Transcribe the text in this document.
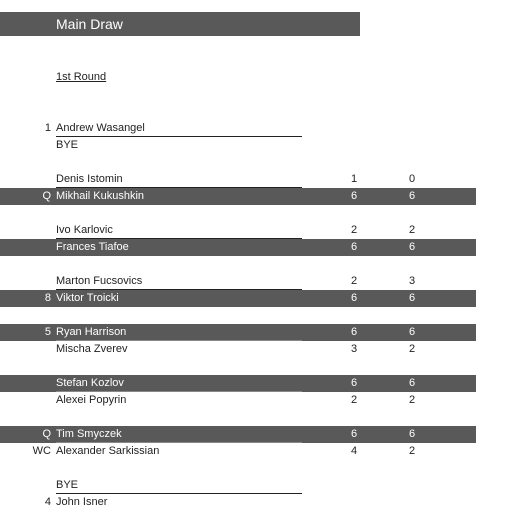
Main Draw
1st Round
1 Andrew Wasangel
BYE
Denis Istomin	1	0
Q Mikhail Kukushkin	6	6
Ivo Karlovic	2	2
Frances Tiafoe	6	6
Marton Fucsovics	2	3
8 Viktor Troicki	6	6
5 Ryan Harrison	6	6
Mischa Zverev	3	2
Stefan Kozlov	6	6
Alexei Popyrin	2	2
Q Tim Smyczek	6	6
WC Alexander Sarkissian	4	2
BYE
4 John Isner
